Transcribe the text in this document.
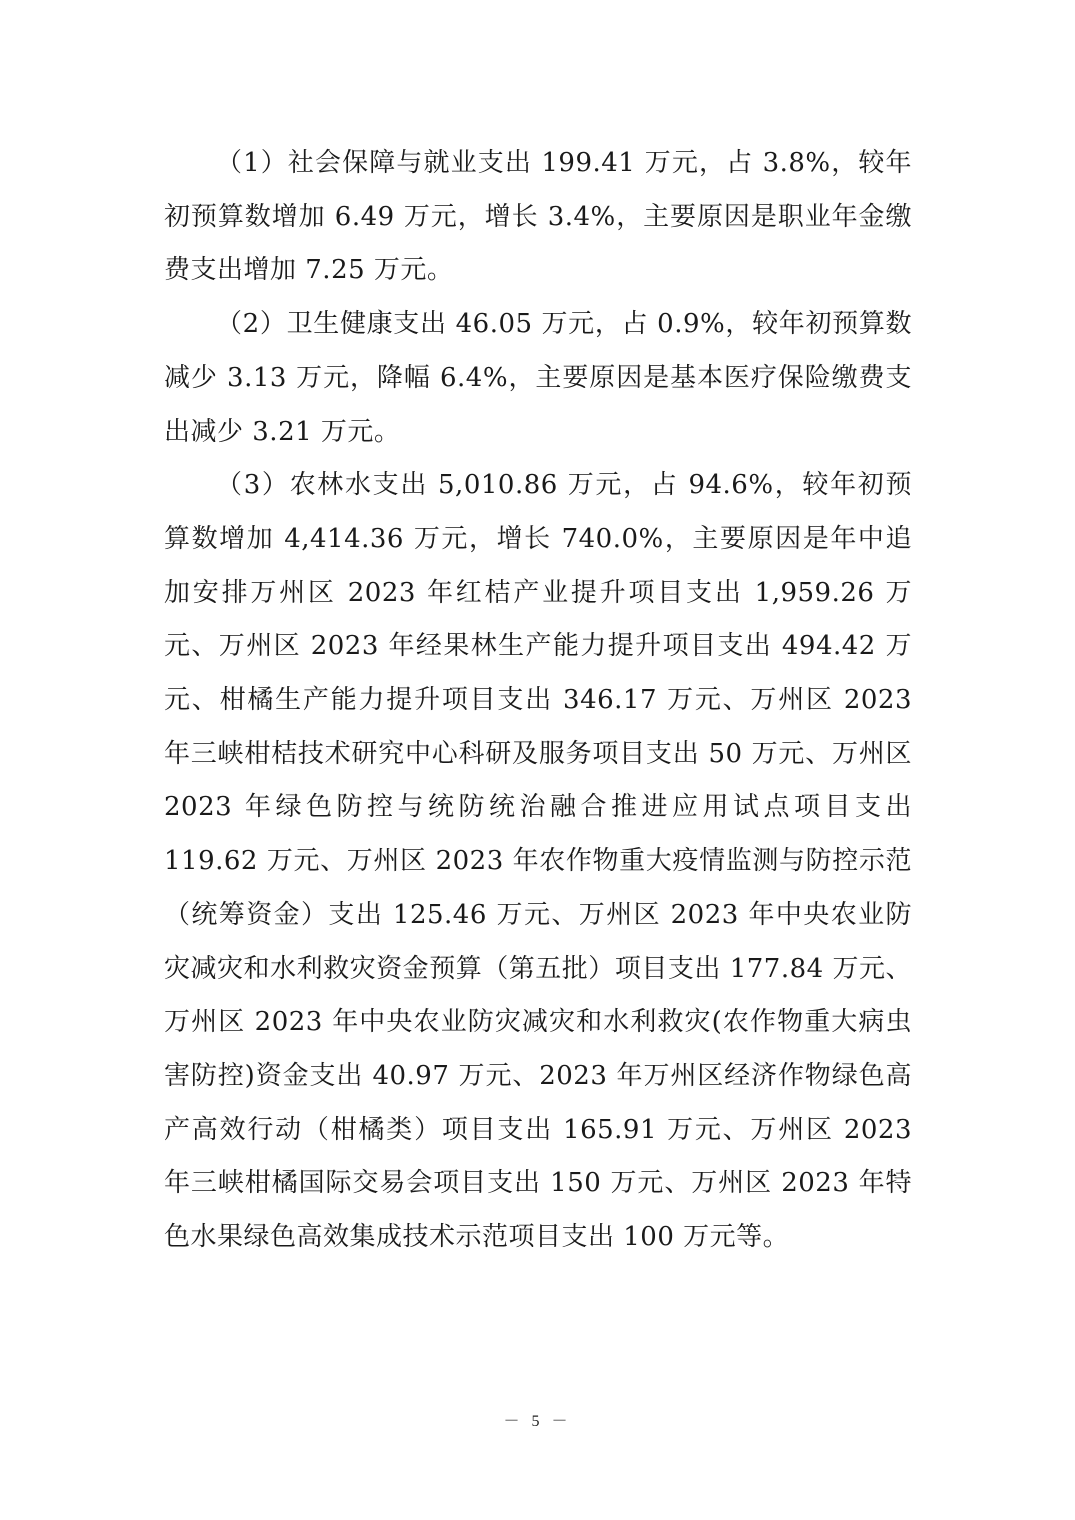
（1）社会保障与就业支出 199.41 万元，占 3.8%，较年初预算数增加 6.49 万元，增长 3.4%，主要原因是职业年金缴费支出增加 7.25 万元。

（2）卫生健康支出 46.05 万元，占 0.9%，较年初预算数减少 3.13 万元，降幅 6.4%，主要原因是基本医疗保险缴费支出减少 3.21 万元。

（3）农林水支出 5,010.86 万元，占 94.6%，较年初预算数增加 4,414.36 万元，增长 740.0%，主要原因是年中追加安排万州区 2023 年红桔产业提升项目支出 1,959.26 万元、万州区 2023 年经果林生产能力提升项目支出 494.42 万元、柑橘生产能力提升项目支出 346.17 万元、万州区 2023 年三峡柑桔技术研究中心科研及服务项目支出 50 万元、万州区 2023 年绿色防控与统防统治融合推进应用试点项目支出 119.62 万元、万州区 2023 年农作物重大疫情监测与防控示范（统筹资金）支出 125.46 万元、万州区 2023 年中央农业防灾减灾和水利救灾资金预算（第五批）项目支出 177.84 万元、万州区 2023 年中央农业防灾减灾和水利救灾(农作物重大病虫害防控)资金支出 40.97 万元、2023 年万州区经济作物绿色高产高效行动（柑橘类）项目支出 165.91 万元、万州区 2023 年三峡柑橘国际交易会项目支出 150 万元、万州区 2023 年特色水果绿色高效集成技术示范项目支出 100 万元等。

－ 5 －
